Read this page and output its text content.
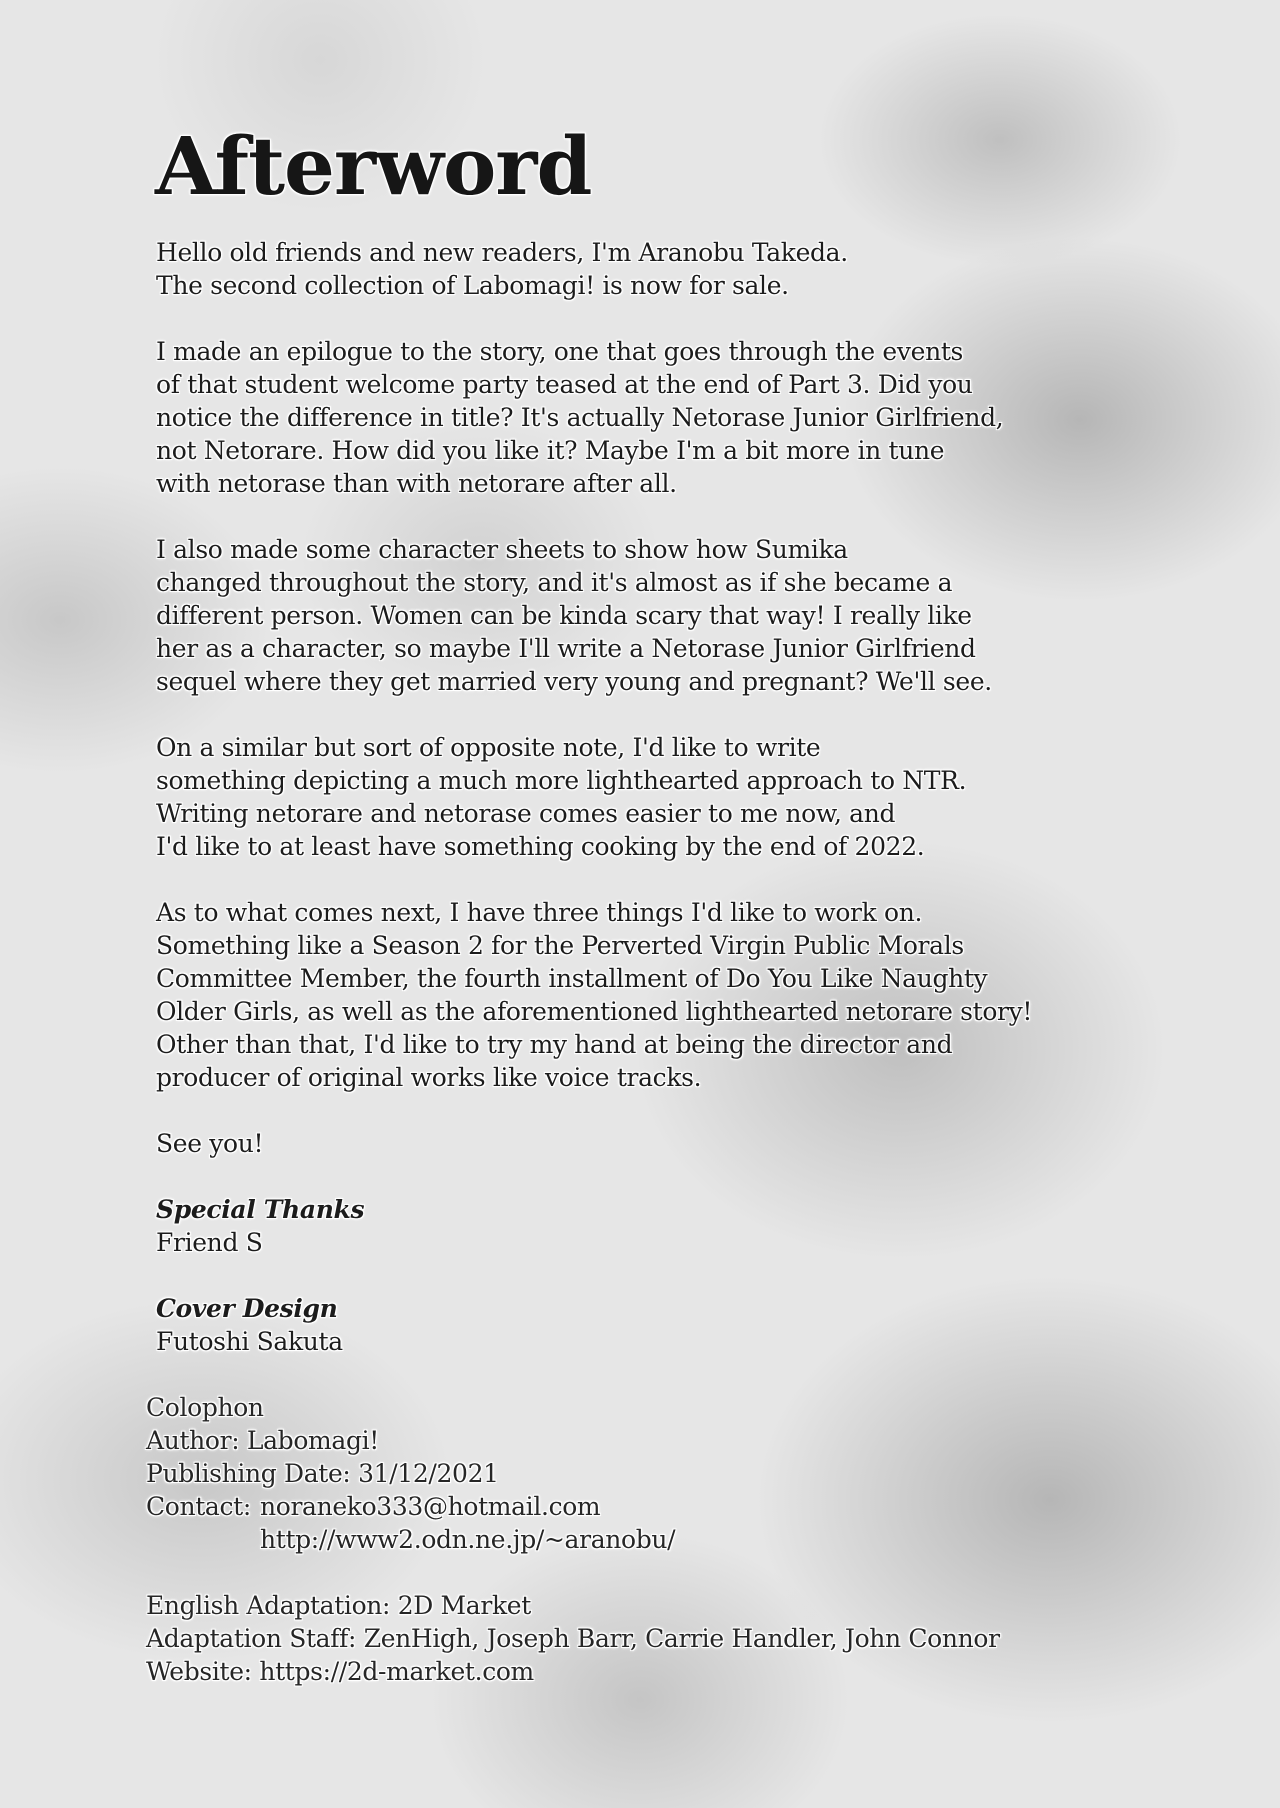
Afterword

Hello old friends and new readers, I'm Aranobu Takeda.
The second collection of Labomagi! is now for sale.

I made an epilogue to the story, one that goes through the events
of that student welcome party teased at the end of Part 3. Did you
notice the difference in title? It's actually Netorase Junior Girlfriend,
not Netorare. How did you like it? Maybe I'm a bit more in tune
with netorase than with netorare after all.

I also made some character sheets to show how Sumika
changed throughout the story, and it's almost as if she became a
different person. Women can be kinda scary that way! I really like
her as a character, so maybe I'll write a Netorase Junior Girlfriend
sequel where they get married very young and pregnant? We'll see.

On a similar but sort of opposite note, I'd like to write
something depicting a much more lighthearted approach to NTR.
Writing netorare and netorase comes easier to me now, and
I'd like to at least have something cooking by the end of 2022.

As to what comes next, I have three things I'd like to work on.
Something like a Season 2 for the Perverted Virgin Public Morals
Committee Member, the fourth installment of Do You Like Naughty
Older Girls, as well as the aforementioned lighthearted netorare story!
Other than that, I'd like to try my hand at being the director and
producer of original works like voice tracks.

See you!

Special Thanks
Friend S

Cover Design
Futoshi Sakuta

Colophon
Author: Labomagi!
Publishing Date: 31/12/2021
Contact: noraneko333@hotmail.com
http://www2.odn.ne.jp/~aranobu/

English Adaptation: 2D Market
Adaptation Staff: ZenHigh, Joseph Barr, Carrie Handler, John Connor
Website: https://2d-market.com
